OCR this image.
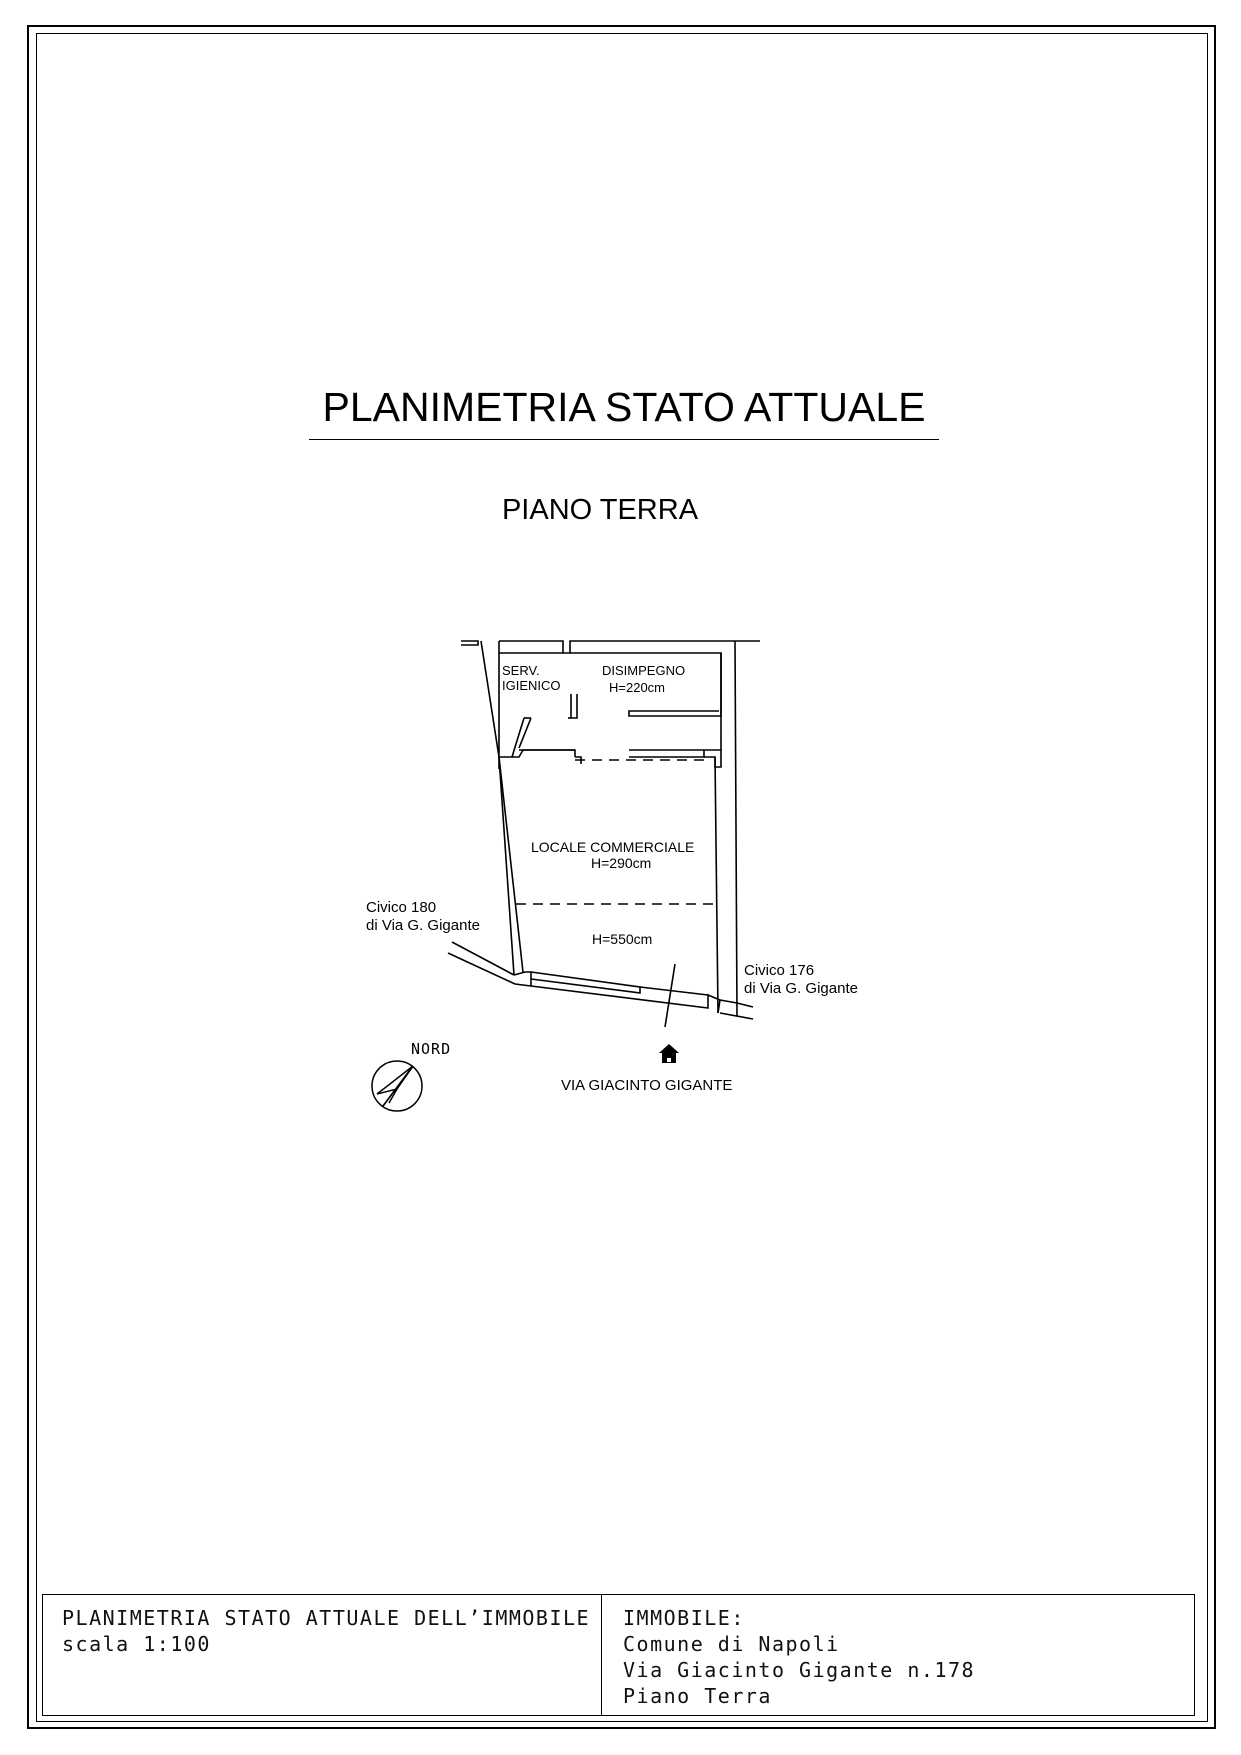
PLANIMETRIA STATO ATTUALE
PIANO TERRA
SERV.
IGIENICO
DISIMPEGNO
H=220cm
LOCALE COMMERCIALE
H=290cm
H=550cm
Civico 180
di Via G. Gigante
Civico 176
di Via G. Gigante
VIA GIACINTO GIGANTE
NORD
PLANIMETRIA STATO ATTUALE DELL’IMMOBILE
scala 1:100
IMMOBILE:
Comune di Napoli
Via Giacinto Gigante n.178
Piano Terra
